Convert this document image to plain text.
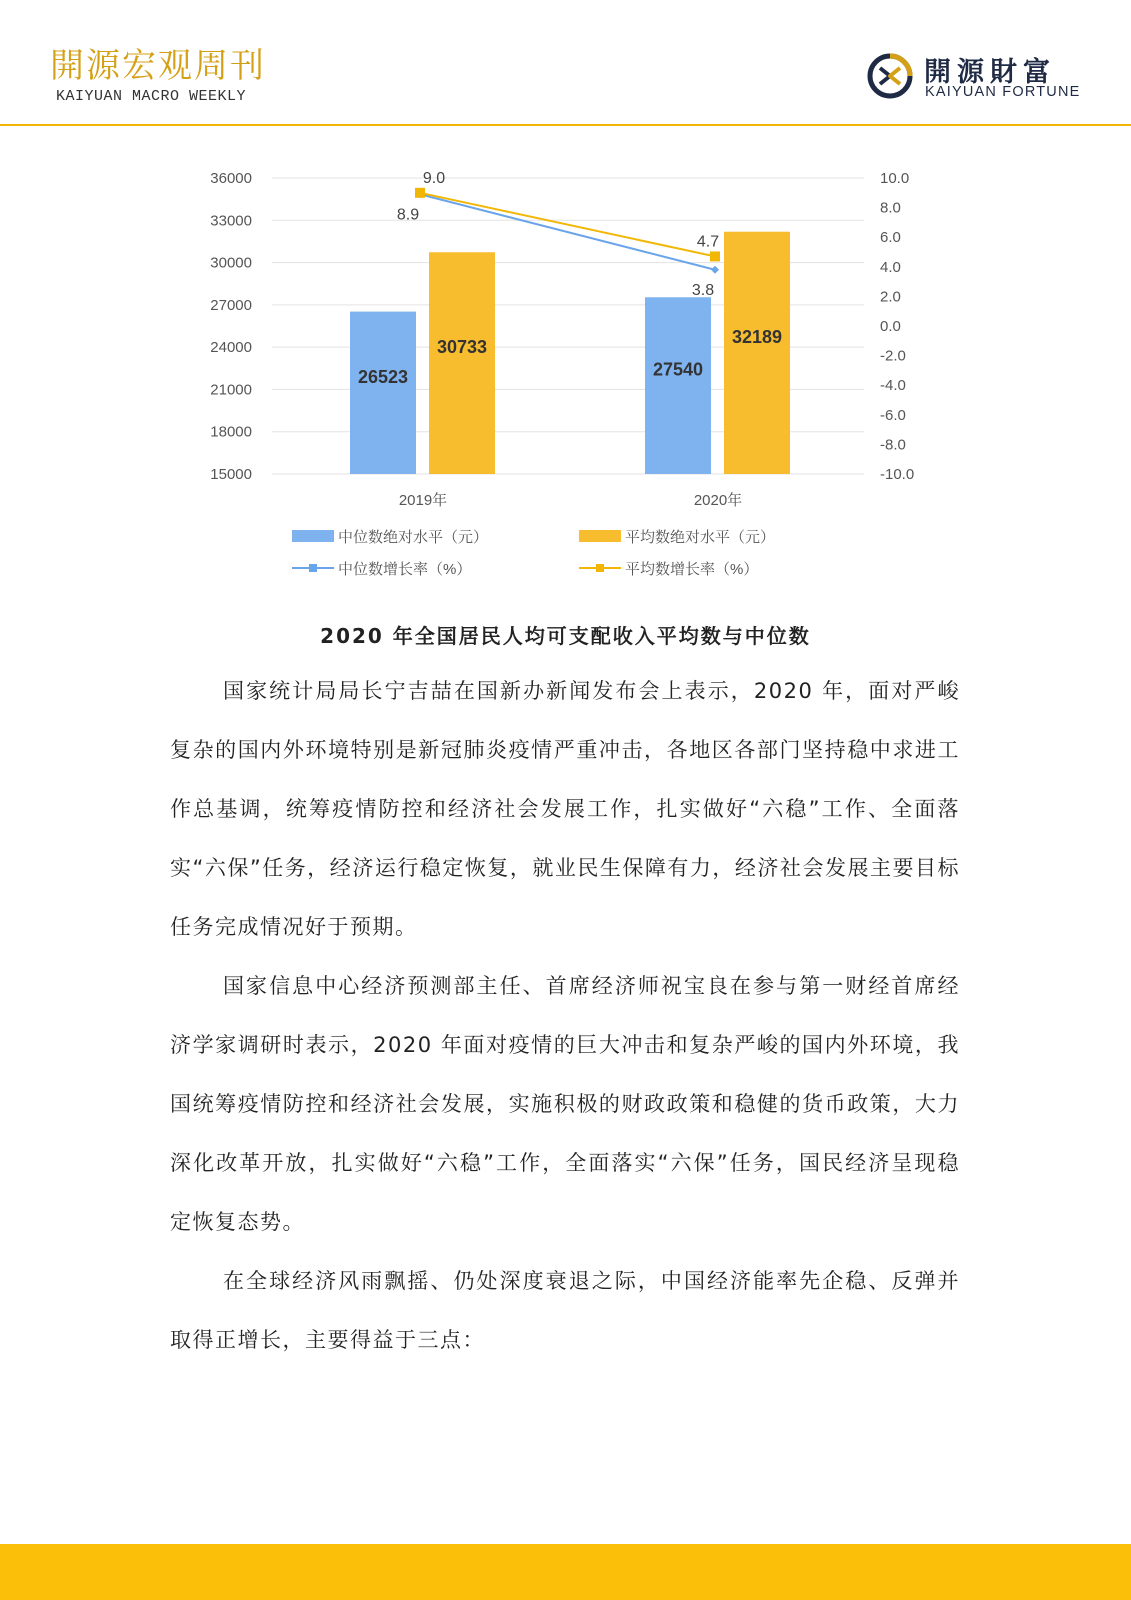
開源宏观周刊
KAIYUAN MACRO WEEKLY
開源財富
KAIYUAN FORTUNE
36000
33000
30000
27000
24000
21000
18000
15000
10.0
8.0
6.0
4.0
2.0
0.0
-2.0
-4.0
-6.0
-8.0
-10.0
26523	27540
30733
32189
2019年	2020年
8.9
3.8
9.0
4.7
中位数绝对水平（元）	平均数绝对水平（元）
中位数增长率（%）	平均数增长率（%）

2020 年全国居民人均可支配收入平均数与中位数

国家统计局局长宁吉喆在国新办新闻发布会上表示，2020 年，面对严峻复杂的国内外环境特别是新冠肺炎疫情严重冲击，各地区各部门坚持稳中求进工作总基调，统筹疫情防控和经济社会发展工作，扎实做好“六稳”工作、全面落实“六保”任务，经济运行稳定恢复，就业民生保障有力，经济社会发展主要目标任务完成情况好于预期。

国家信息中心经济预测部主任、首席经济师祝宝良在参与第一财经首席经济学家调研时表示，2020 年面对疫情的巨大冲击和复杂严峻的国内外环境，我国统筹疫情防控和经济社会发展，实施积极的财政政策和稳健的货币政策，大力深化改革开放，扎实做好“六稳”工作，全面落实“六保”任务，国民经济呈现稳定恢复态势。

在全球经济风雨飘摇、仍处深度衰退之际，中国经济能率先企稳、反弹并取得正增长，主要得益于三点：
